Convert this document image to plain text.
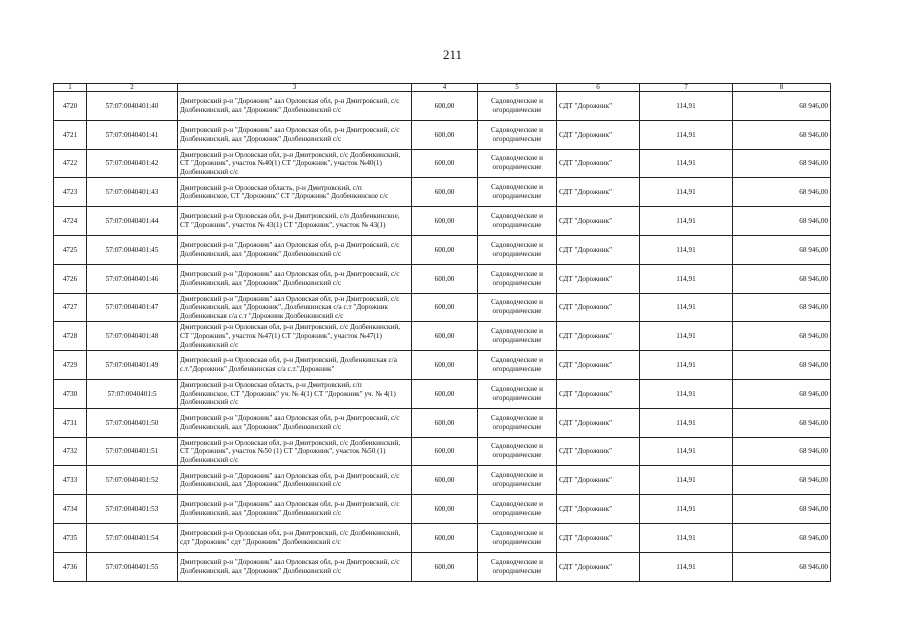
211
1	2	3	4	5	6	7	8
4720	57:07:0040401:40	Дмитровский р-н "Дорожник" аал Орловская обл, р-н Дмитровский, с/с Долбенкинский, аал "Дорожник" Долбенкинский с/с	600,00	Садоводческие и огороднические	СДТ "Дорожник"	114,91	68 946,00
4721	57:07:0040401:41	Дмитровский р-н "Дорожник" аал Орловская обл, р-н Дмитровский, с/с Долбенкинский, аал "Дорожник" Долбенкинский с/с	600,00	Садоводческие и огороднические	СДТ "Дорожник"	114,91	68 946,00
4722	57:07:0040401:42	Дмитровский р-н Орловская обл, р-н Дмитровский, с/с Долбенкинский, СТ "Дорожник", участок №40(1) СТ "Дорожник", участок №40(1) Долбенкинский с/с	600,00	Садоводческие и огороднические	СДТ "Дорожник"	114,91	68 946,00
4723	57:07:0040401:43	Дмитровский р-н Орловская область, р-н Дмитровский, с/п Долбенкинское, СТ "Дорожник" СТ "Дорожник" Долбенкинское с/с	600,00	Садоводческие и огороднические	СДТ "Дорожник"	114,91	68 946,00
4724	57:07:0040401:44	Дмитровский р-н Орловская обл, р-н Дмитровский, с/п Долбенкинское, СТ "Дорожник", участок № 43(1) СТ "Дорожник", участок № 43(1)	600,00	Садоводческие и огороднические	СДТ "Дорожник"	114,91	68 946,00
4725	57:07:0040401:45	Дмитровский р-н "Дорожник" аал Орловская обл, р-н Дмитровский, с/с Долбенкинский, аал "Дорожник" Долбенкинский с/с	600,00	Садоводческие и огороднические	СДТ "Дорожник"	114,91	68 946,00
4726	57:07:0040401:46	Дмитровский р-н "Дорожник" аал Орловская обл, р-н Дмитровский, с/с Долбенкинский, аал "Дорожник" Долбенкинский с/с	600,00	Садоводческие и огороднические	СДТ "Дорожник"	114,91	68 946,00
4727	57:07:0040401:47	Дмитровский р-н "Дорожник" аал Орловская обл, р-н Дмитровский, с/с Долбенкинский, аал "Дорожник", Долбенкинская с/а с.т "Дорожник Долбенкинская с/а с.т "Дорожник Долбенкинский с/с	600,00	Садоводческие и огороднические	СДТ "Дорожник"	114,91	68 946,00
4728	57:07:0040401:48	Дмитровский р-н Орловская обл, р-н Дмитровский, с/с Долбенкинский, СТ "Дорожник", участок №47(1) СТ "Дорожник", участок №47(1) Долбенкинский с/с	600,00	Садоводческие и огороднические	СДТ "Дорожник"	114,91	68 946,00
4729	57:07:0040401:49	Дмитровский р-н Орловская обл, р-н Дмитровский, Долбенкинская с/а с.т."Дорожник" Долбенкинская с/а с.т."Дорожник"	600,00	Садоводческие и огороднические	СДТ "Дорожник"	114,91	68 946,00
4730	57:07:0040401:5	Дмитровский р-н Орловская область, р-н Дмитровский, с/п Долбенкинское, СТ "Дорожник" уч. № 4(1) СТ "Дорожник" уч. № 4(1) Долбенкинский с/с	600,00	Садоводческие и огороднические	СДТ "Дорожник"	114,91	68 946,00
4731	57:07:0040401:50	Дмитровский р-н "Дорожник" аал Орловская обл, р-н Дмитровский, с/с Долбенкинский, аал "Дорожник" Долбенкинский с/с	600,00	Садоводческие и огороднические	СДТ "Дорожник"	114,91	68 946,00
4732	57:07:0040401:51	Дмитровский р-н Орловская обл, р-н Дмитровский, с/с Долбенкинский, СТ "Дорожник", участок №50 (1) СТ "Дорожник", участок №50 (1) Долбенкинский с/с	600,00	Садоводческие и огороднические	СДТ "Дорожник"	114,91	68 946,00
4733	57:07:0040401:52	Дмитровский р-н "Дорожник" аал Орловская обл, р-н Дмитровский, с/с Долбенкинский, аал "Дорожник" Долбенкинский с/с	600,00	Садоводческие и огороднические	СДТ "Дорожник"	114,91	68 946,00
4734	57:07:0040401:53	Дмитровский р-н "Дорожник" аал Орловская обл, р-н Дмитровский, с/с Долбенкинский, аал "Дорожник" Долбенкинский с/с	600,00	Садоводческие и огороднические	СДТ "Дорожник"	114,91	68 946,00
4735	57:07:0040401:54	Дмитровский р-н Орловская обл, р-н Дмитровский, с/с Долбенкинский, сдт "Дорожник" сдт "Дорожник" Долбенкинский с/с	600,00	Садоводческие и огороднические	СДТ "Дорожник"	114,91	68 946,00
4736	57:07:0040401:55	Дмитровский р-н "Дорожник" аал Орловская обл, р-н Дмитровский, с/с Долбенкинский, аал "Дорожник" Долбенкинский с/с	600,00	Садоводческие и огороднические	СДТ "Дорожник"	114,91	68 946,00
